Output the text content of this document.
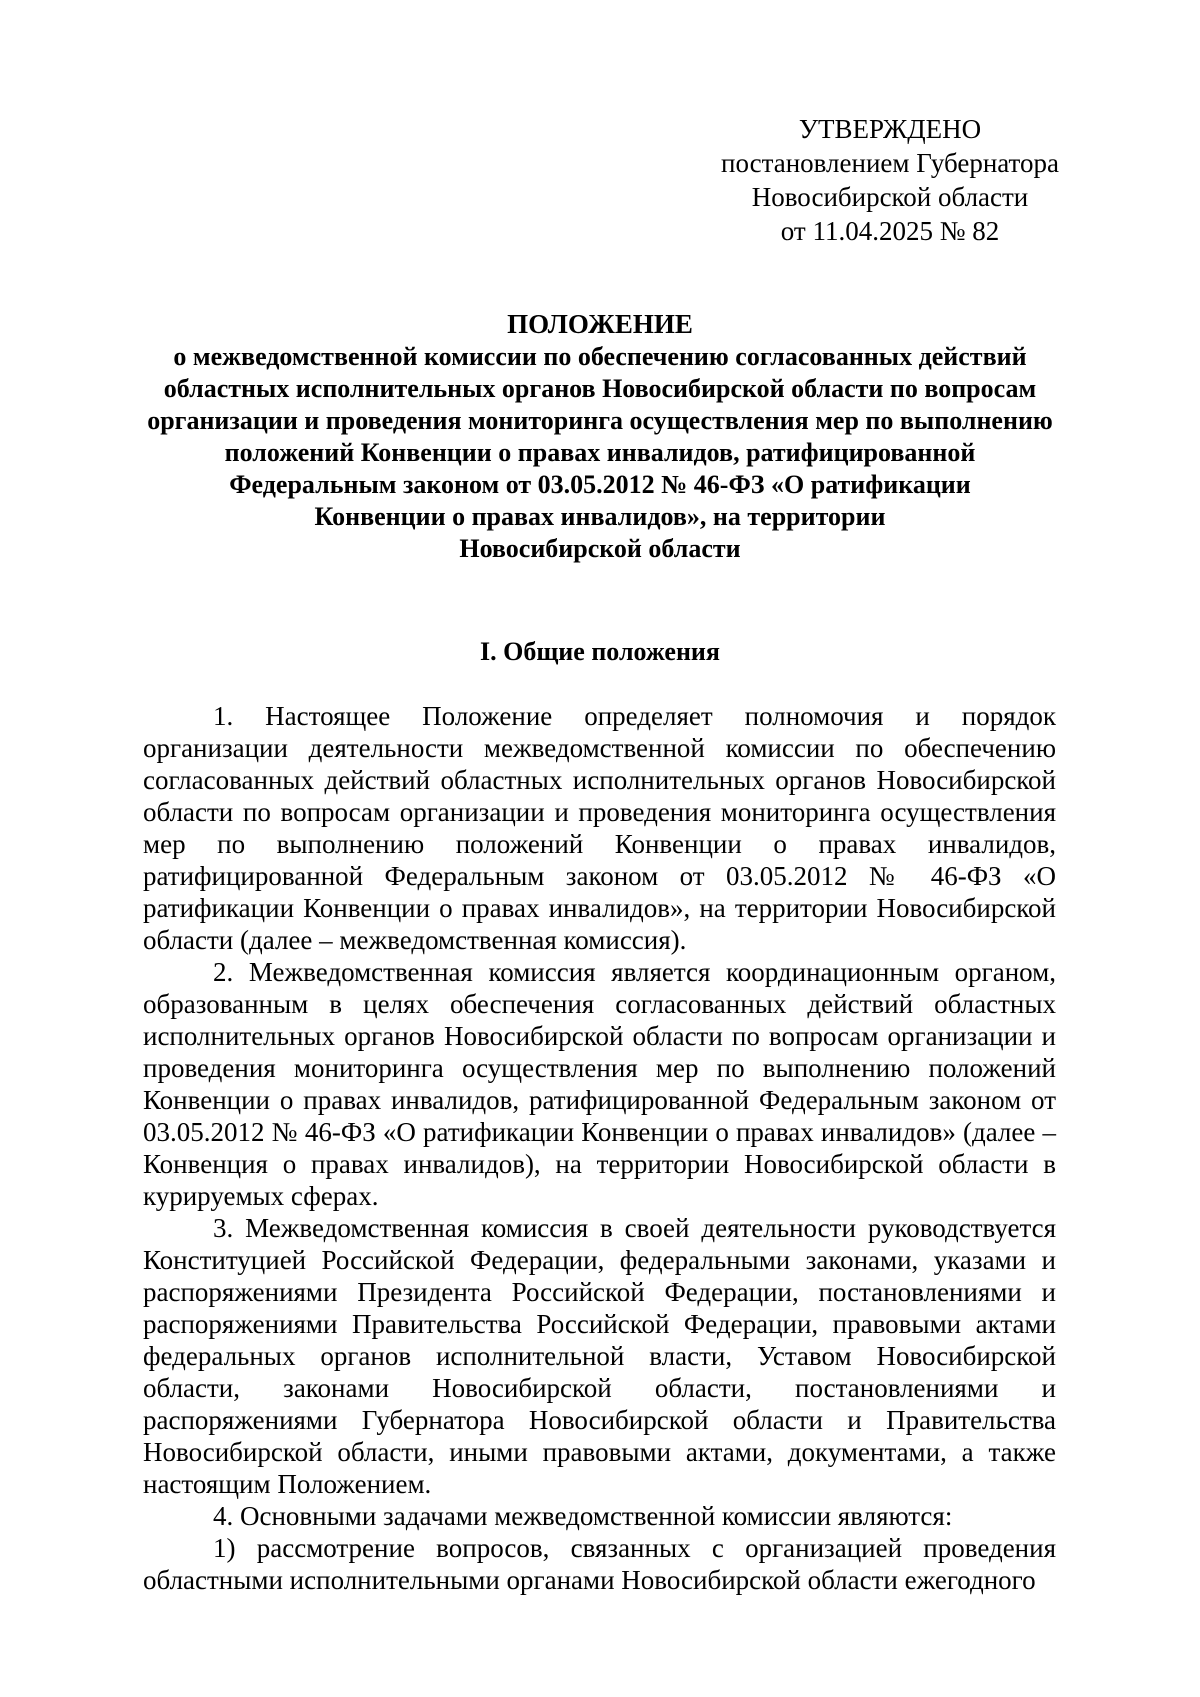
УТВЕРЖДЕНО
постановлением Губернатора
Новосибирской области
от 11.04.2025 № 82
ПОЛОЖЕНИЕ
о межведомственной комиссии по обеспечению согласованных действий
областных исполнительных органов Новосибирской области по вопросам
организации и проведения мониторинга осуществления мер по выполнению
положений Конвенции о правах инвалидов, ратифицированной
Федеральным законом от 03.05.2012 № 46-ФЗ «О ратификации
Конвенции о правах инвалидов», на территории
Новосибирской области
I. Общие положения

1. Настоящее Положение определяет полномочия и порядок организации деятельности межведомственной комиссии по обеспечению согласованных действий областных исполнительных органов Новосибирской области по вопросам организации и проведения мониторинга осуществления мер по выполнению положений Конвенции о правах инвалидов, ратифицированной Федеральным законом от 03.05.2012 № 46-ФЗ «О ратификации Конвенции о правах инвалидов», на территории Новосибирской области (далее – межведомственная комиссия).

2. Межведомственная комиссия является координационным органом, образованным в целях обеспечения согласованных действий областных исполнительных органов Новосибирской области по вопросам организации и проведения мониторинга осуществления мер по выполнению положений Конвенции о правах инвалидов, ратифицированной Федеральным законом от 03.05.2012 № 46-ФЗ «О ратификации Конвенции о правах инвалидов» (далее – Конвенция о правах инвалидов), на территории Новосибирской области в курируемых сферах.

3. Межведомственная комиссия в своей деятельности руководствуется Конституцией Российской Федерации, федеральными законами, указами и распоряжениями Президента Российской Федерации, постановлениями и распоряжениями Правительства Российской Федерации, правовыми актами федеральных органов исполнительной власти, Уставом Новосибирской области, законами Новосибирской области, постановлениями и распоряжениями Губернатора Новосибирской области и Правительства Новосибирской области, иными правовыми актами, документами, а также настоящим Положением.

4. Основными задачами межведомственной комиссии являются:

1) рассмотрение вопросов, связанных с организацией проведения областными исполнительными органами Новосибирской области ежегодного
